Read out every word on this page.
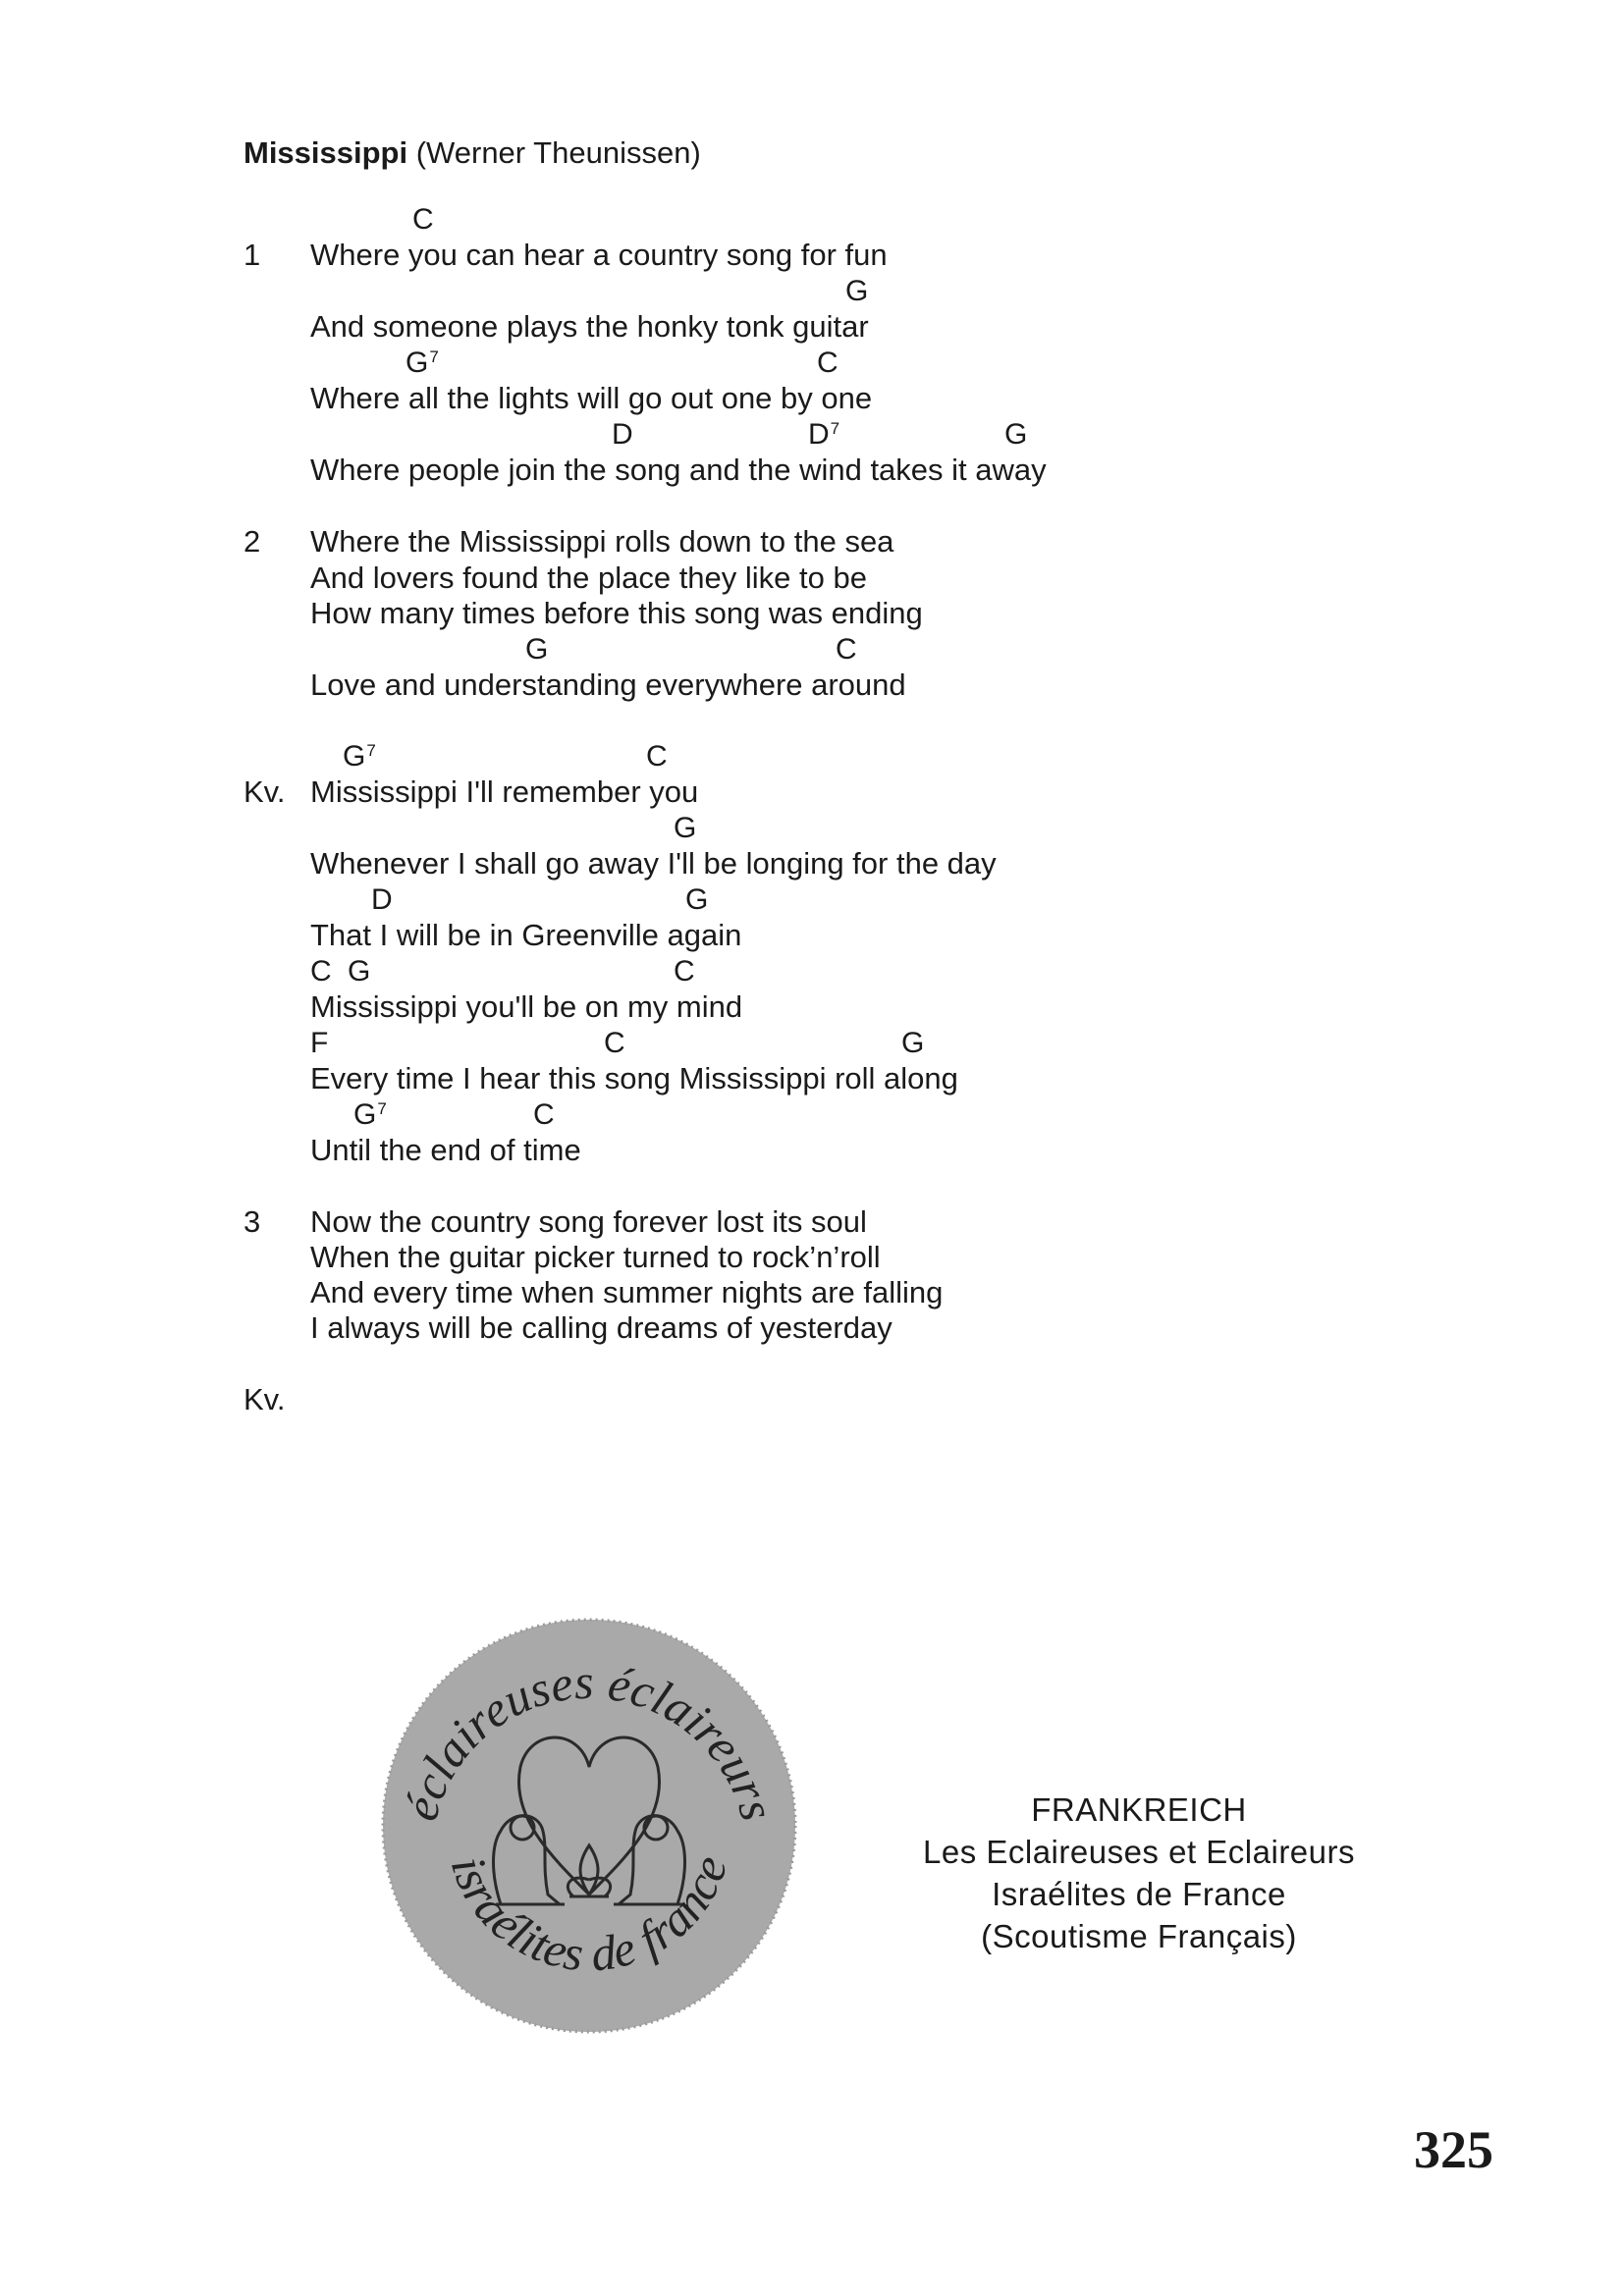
Mississippi (Werner Theunissen)
C
1 Where you can hear a country song for fun
G
And someone plays the honky tonk guitar
$G^7$	C
Where all the lights will go out one by one
D	$D^7$	G
Where people join the song and the wind takes it away
2 Where the Mississippi rolls down to the sea
And lovers found the place they like to be
How many times before this song was ending
G	C
Love and understanding everywhere around
$G^7$	C
Kv. Mississippi I'll remember you
G
Whenever I shall go away I'll be longing for the day
D	G
That I will be in Greenville again
C G	C
Mississippi you'll be on my mind
F	C	G
Every time I hear this song Mississippi roll along
$G^7$	C
Until the end of time
3 Now the country song forever lost its soul
When the guitar picker turned to rock’n’roll
And every time when summer nights are falling
I always will be calling dreams of yesterday
Kv.
éclaireuses éclaireurs
israélites de france
FRANKREICH
Les Eclaireuses et Eclaireurs
Israélites de France
(Scoutisme Français)
325
